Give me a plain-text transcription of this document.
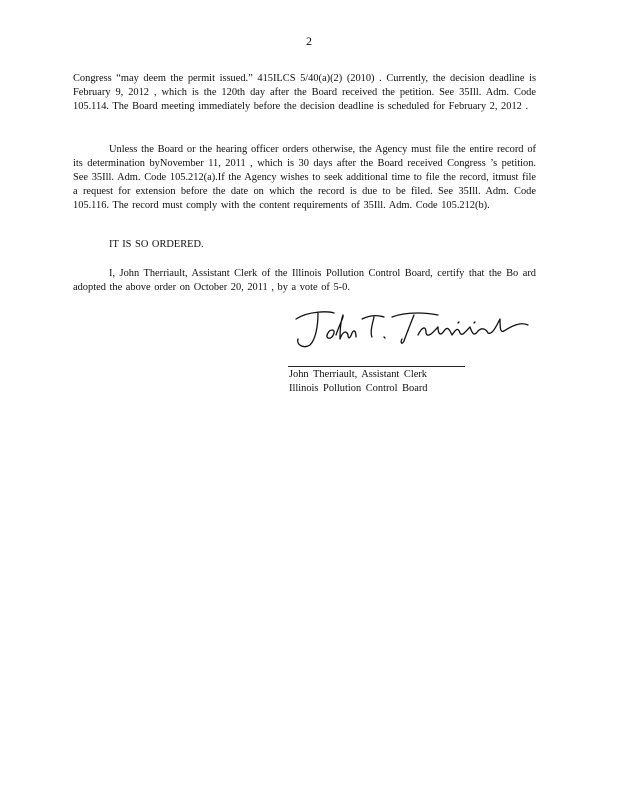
2
Congress “may deem the permit issued.” 415ILCS 5/40(a)(2) (2010) . Currently, the decision deadline is February 9, 2012 , which is the 120th day after the Board received the petition. See 35Ill. Adm. Code 105.114. The Board meeting immediately before the decision deadline is scheduled for February 2, 2012 .
Unless the Board or the hearing officer orders otherwise, the Agency must file the entire record of its determination byNovember 11, 2011 , which is 30 days after the Board received Congress ’s petition. See 35Ill. Adm. Code 105.212(a).If the Agency wishes to seek additional time to file the record, itmust file a request for extension before the date on which the record is due to be filed. See 35Ill. Adm. Code 105.116. The record must comply with the content requirements of 35Ill. Adm. Code 105.212(b).
IT IS SO ORDERED.
I, John Therriault, Assistant Clerk of the Illinois Pollution Control Board, certify that the Bo ard adopted the above order on October 20, 2011 , by a vote of 5-0.
John Therriault, Assistant Clerk
Illinois Pollution Control Board
